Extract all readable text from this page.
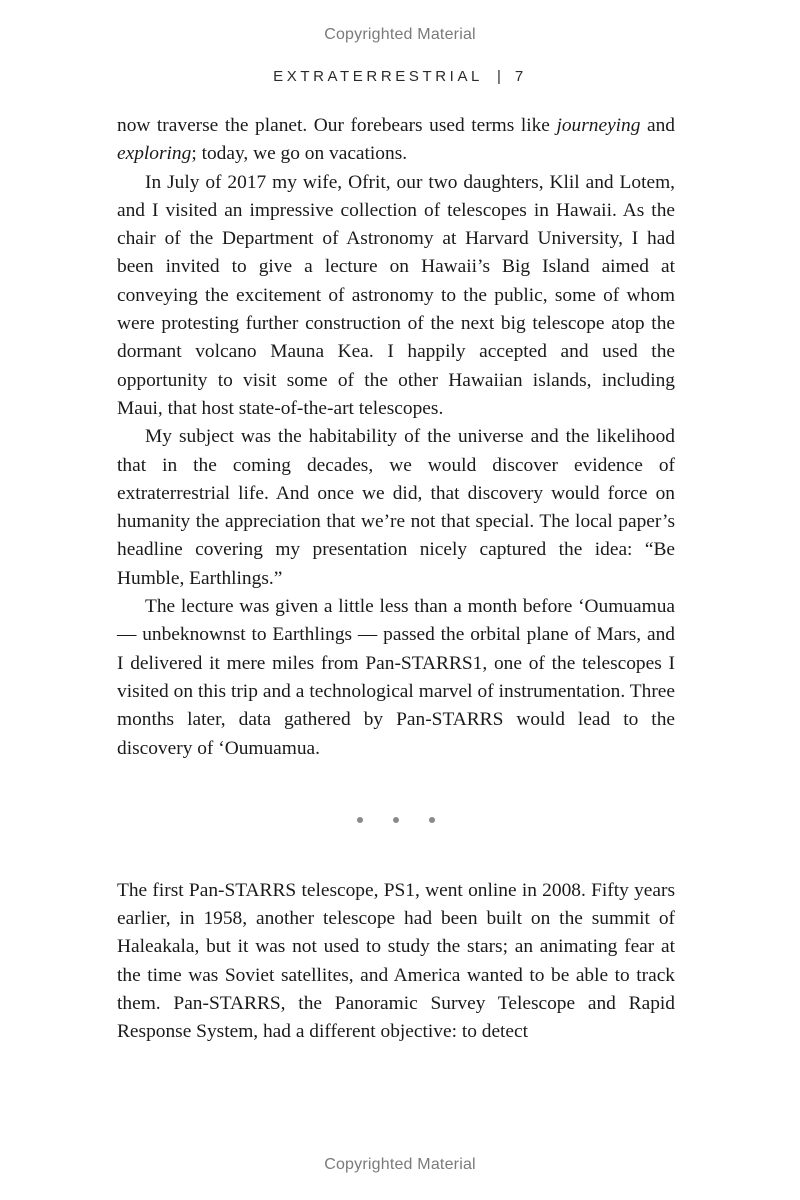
Copyrighted Material
EXTRATERRESTRIAL | 7

now traverse the planet. Our forebears used terms like journeying and exploring; today, we go on vacations.

In July of 2017 my wife, Ofrit, our two daughters, Klil and Lotem, and I visited an impressive collection of telescopes in Hawaii. As the chair of the Department of Astronomy at Harvard University, I had been invited to give a lecture on Hawaii’s Big Island aimed at conveying the excitement of astronomy to the public, some of whom were protesting further construction of the next big telescope atop the dormant volcano Mauna Kea. I happily accepted and used the opportunity to visit some of the other Hawaiian islands, including Maui, that host state-of-the-art telescopes.

My subject was the habitability of the universe and the likelihood that in the coming decades, we would discover evidence of extraterrestrial life. And once we did, that discovery would force on humanity the appreciation that we’re not that special. The local paper’s headline covering my presentation nicely captured the idea: “Be Humble, Earthlings.”

The lecture was given a little less than a month before ‘Oumuamua — unbeknownst to Earthlings — passed the orbital plane of Mars, and I delivered it mere miles from Pan-STARRS1, one of the telescopes I visited on this trip and a technological marvel of instrumentation. Three months later, data gathered by Pan-STARRS would lead to the discovery of ‘Oumuamua.

The first Pan-STARRS telescope, PS1, went online in 2008. Fifty years earlier, in 1958, another telescope had been built on the summit of Haleakala, but it was not used to study the stars; an animating fear at the time was Soviet satellites, and America wanted to be able to track them. Pan-STARRS, the Panoramic Survey Telescope and Rapid Response System, had a different objective: to detect

Copyrighted Material
